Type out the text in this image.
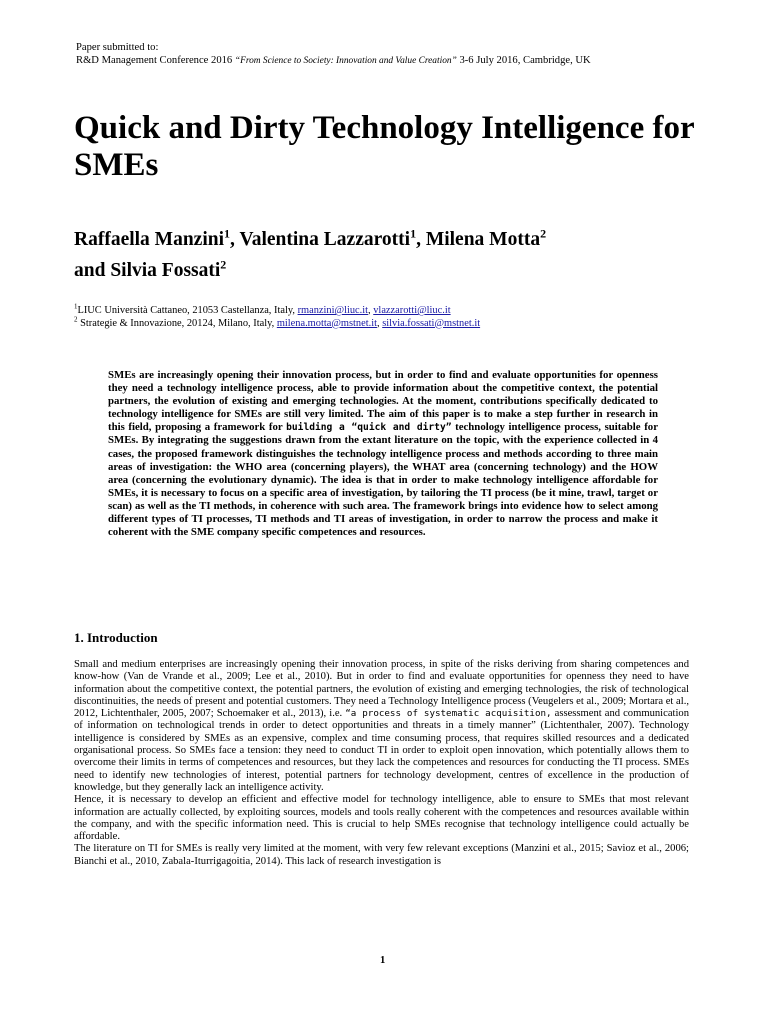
Paper submitted to:
R&D Management Conference 2016 “From Science to Society: Innovation and Value Creation” 3-6 July 2016, Cambridge, UK
Quick and Dirty Technology Intelligence for SMEs
Raffaella Manzini$^1$, Valentina Lazzarotti$^1$, Milena Motta$^2$
and Silvia Fossati$^2$
$^1$LIUC Università Cattaneo, 21053 Castellanza, Italy, rmanzini@liuc.it, vlazzarotti@liuc.it
$^2$ Strategie & Innovazione, 20124, Milano, Italy, milena.motta@mstnet.it, silvia.fossati@mstnet.it
SMEs are increasingly opening their innovation process, but in order to find and evaluate opportunities for openness they need a technology intelligence process, able to provide information about the competitive context, the potential partners, the evolution of existing and emerging technologies. At the moment, contributions specifically dedicated to technology intelligence for SMEs are still very limited. The aim of this paper is to make a step further in research in this field, proposing a framework for building a “quick and dirty” technology intelligence process, suitable for SMEs. By integrating the suggestions drawn from the extant literature on the topic, with the experience collected in 4 cases, the proposed framework distinguishes the technology intelligence process and methods according to three main areas of investigation: the WHO area (concerning players), the WHAT area (concerning technology) and the HOW area (concerning the evolutionary dynamic). The idea is that in order to make technology intelligence affordable for SMEs, it is necessary to focus on a specific area of investigation, by tailoring the TI process (be it mine, trawl, target or scan) as well as the TI methods, in coherence with such area. The framework brings into evidence how to select among different types of TI processes, TI methods and TI areas of investigation, in order to narrow the process and make it coherent with the SME company specific competences and resources.
1. Introduction

Small and medium enterprises are increasingly opening their innovation process, in spite of the risks deriving from sharing competences and know-how (Van de Vrande et al., 2009; Lee et al., 2010). But in order to find and evaluate opportunities for openness they need to have information about the competitive context, the potential partners, the evolution of existing and emerging technologies, the risk of technological discontinuities, the needs of present and potential customers. They need a Technology Intelligence process (Veugelers et al., 2009; Mortara et al., 2012, Lichtenthaler, 2005, 2007; Schoemaker et al., 2013), i.e. “a process of systematic acquisition, assessment and communication of information on technological trends in order to detect opportunities and threats in a timely manner” (Lichtenthaler, 2007). Technology intelligence is considered by SMEs as an expensive, complex and time consuming process, that requires skilled resources and a dedicated organisational process. So SMEs face a tension: they need to conduct TI in order to exploit open innovation, which potentially allows them to overcome their limits in terms of competences and resources, but they lack the competences and resources for conducting the TI process. SMEs need to identify new technologies of interest, potential partners for technology development, centres of excellence in the production of knowledge, but they generally lack an intelligence activity.

Hence, it is necessary to develop an efficient and effective model for technology intelligence, able to ensure to SMEs that most relevant information are actually collected, by exploiting sources, models and tools really coherent with the competences and resources available within the company, and with the specific information need. This is crucial to help SMEs recognise that technology intelligence could actually be affordable.

The literature on TI for SMEs is really very limited at the moment, with very few relevant exceptions (Manzini et al., 2015; Savioz et al., 2006; Bianchi et al., 2010, Zabala-Iturrigagoitia, 2014). This lack of research investigation is

1
